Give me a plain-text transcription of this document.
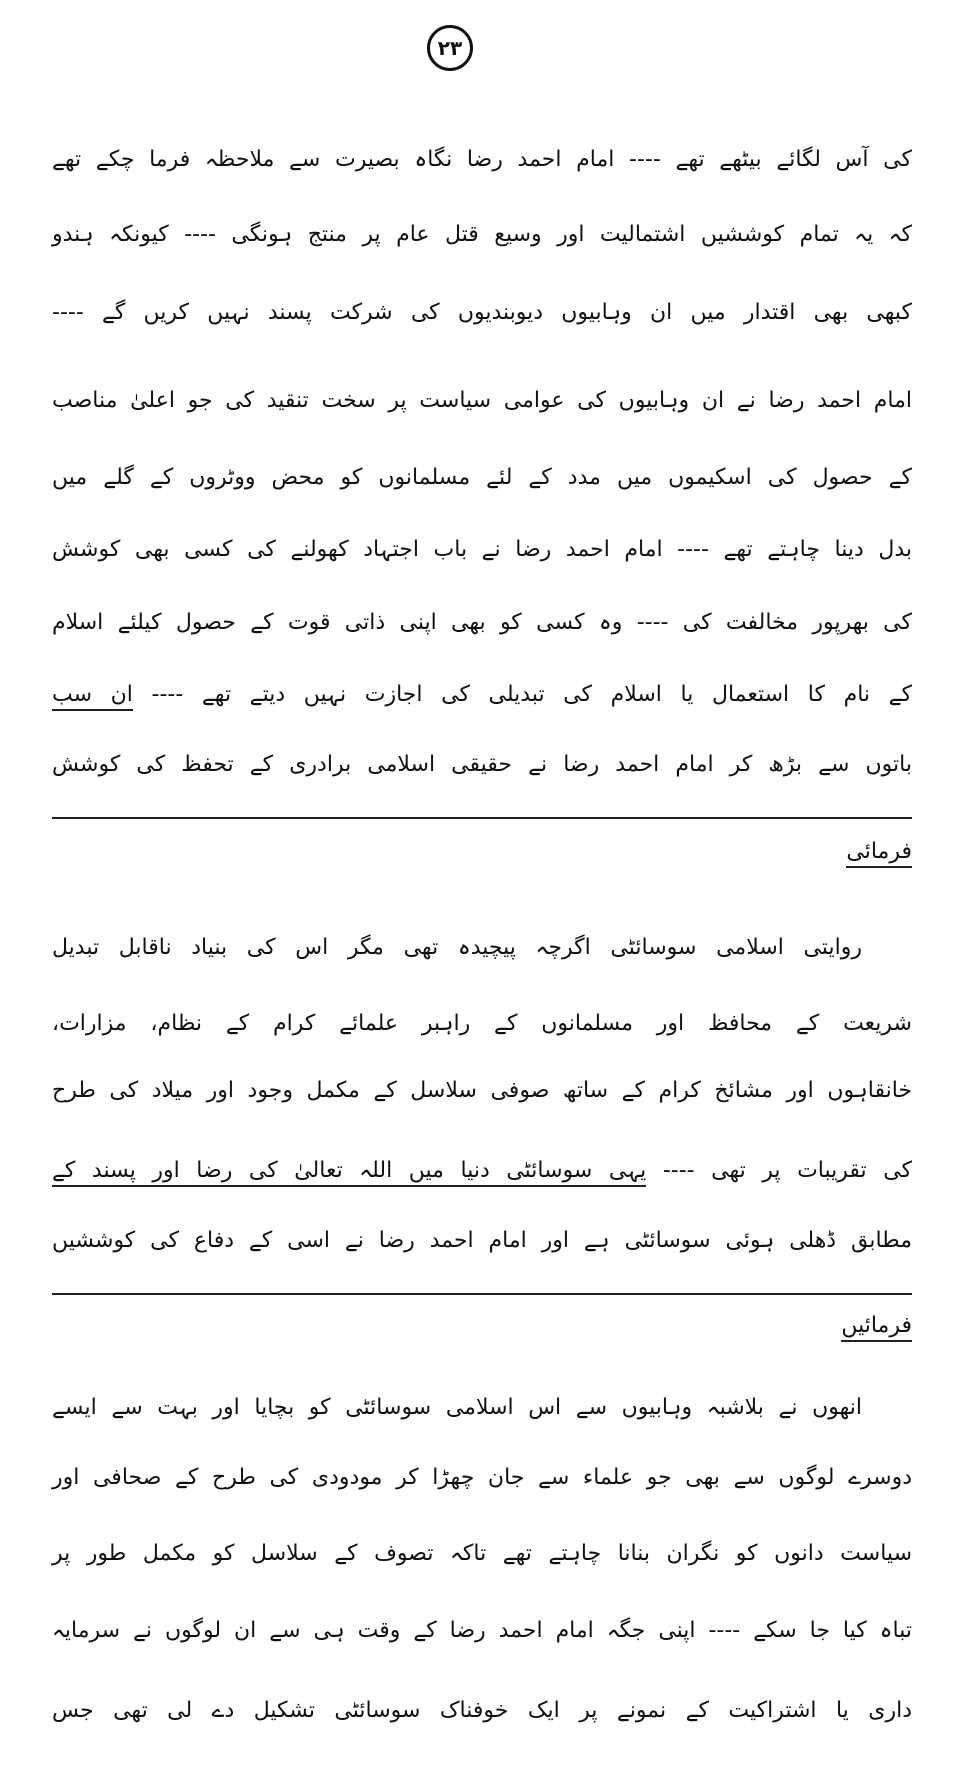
۲۳
کی آس لگائے بیٹھے تھے ---- امام احمد رضا نگاہ بصیرت سے ملاحظہ فرما چکے تھے
کہ یہ تمام کوششیں اشتمالیت اور وسیع قتل عام پر منتج ہونگی ---- کیونکہ ہندو
کبھی بھی اقتدار میں ان وہابیوں دیوبندیوں کی شرکت پسند نہیں کریں گے ----
امام احمد رضا نے ان وہابیوں کی عوامی سیاست پر سخت تنقید کی جو اعلیٰ مناصب
کے حصول کی اسکیموں میں مدد کے لئے مسلمانوں کو محض ووٹروں کے گلے میں
بدل دینا چاہتے تھے ---- امام احمد رضا نے باب اجتہاد کھولنے کی کسی بھی کوشش
کی بھرپور مخالفت کی ---- وہ کسی کو بھی اپنی ذاتی قوت کے حصول کیلئے اسلام
کے نام کا استعمال یا اسلام کی تبدیلی کی اجازت نہیں دیتے تھے ---- ان سب
باتوں سے بڑھ کر امام احمد رضا نے حقیقی اسلامی برادری کے تحفظ کی کوشش
فرمائی
روایتی اسلامی سوسائٹی اگرچہ پیچیدہ تھی مگر اس کی بنیاد ناقابل تبدیل
شریعت کے محافظ اور مسلمانوں کے راہبر علمائے کرام کے نظام، مزارات،
خانقاہوں اور مشائخ کرام کے ساتھ صوفی سلاسل کے مکمل وجود اور میلاد کی طرح
کی تقریبات پر تھی ---- یہی سوسائٹی دنیا میں اللہ تعالیٰ کی رضا اور پسند کے
مطابق ڈھلی ہوئی سوسائٹی ہے اور امام احمد رضا نے اسی کے دفاع کی کوششیں
فرمائیں
انھوں نے بلاشبہ وہابیوں سے اس اسلامی سوسائٹی کو بچایا اور بہت سے ایسے
دوسرے لوگوں سے بھی جو علماء سے جان چھڑا کر مودودی کی طرح کے صحافی اور
سیاست دانوں کو نگران بنانا چاہتے تھے تاکہ تصوف کے سلاسل کو مکمل طور پر
تباہ کیا جا سکے ---- اپنی جگہ امام احمد رضا کے وقت ہی سے ان لوگوں نے سرمایہ
داری یا اشتراکیت کے نمونے پر ایک خوفناک سوسائٹی تشکیل دے لی تھی جس
